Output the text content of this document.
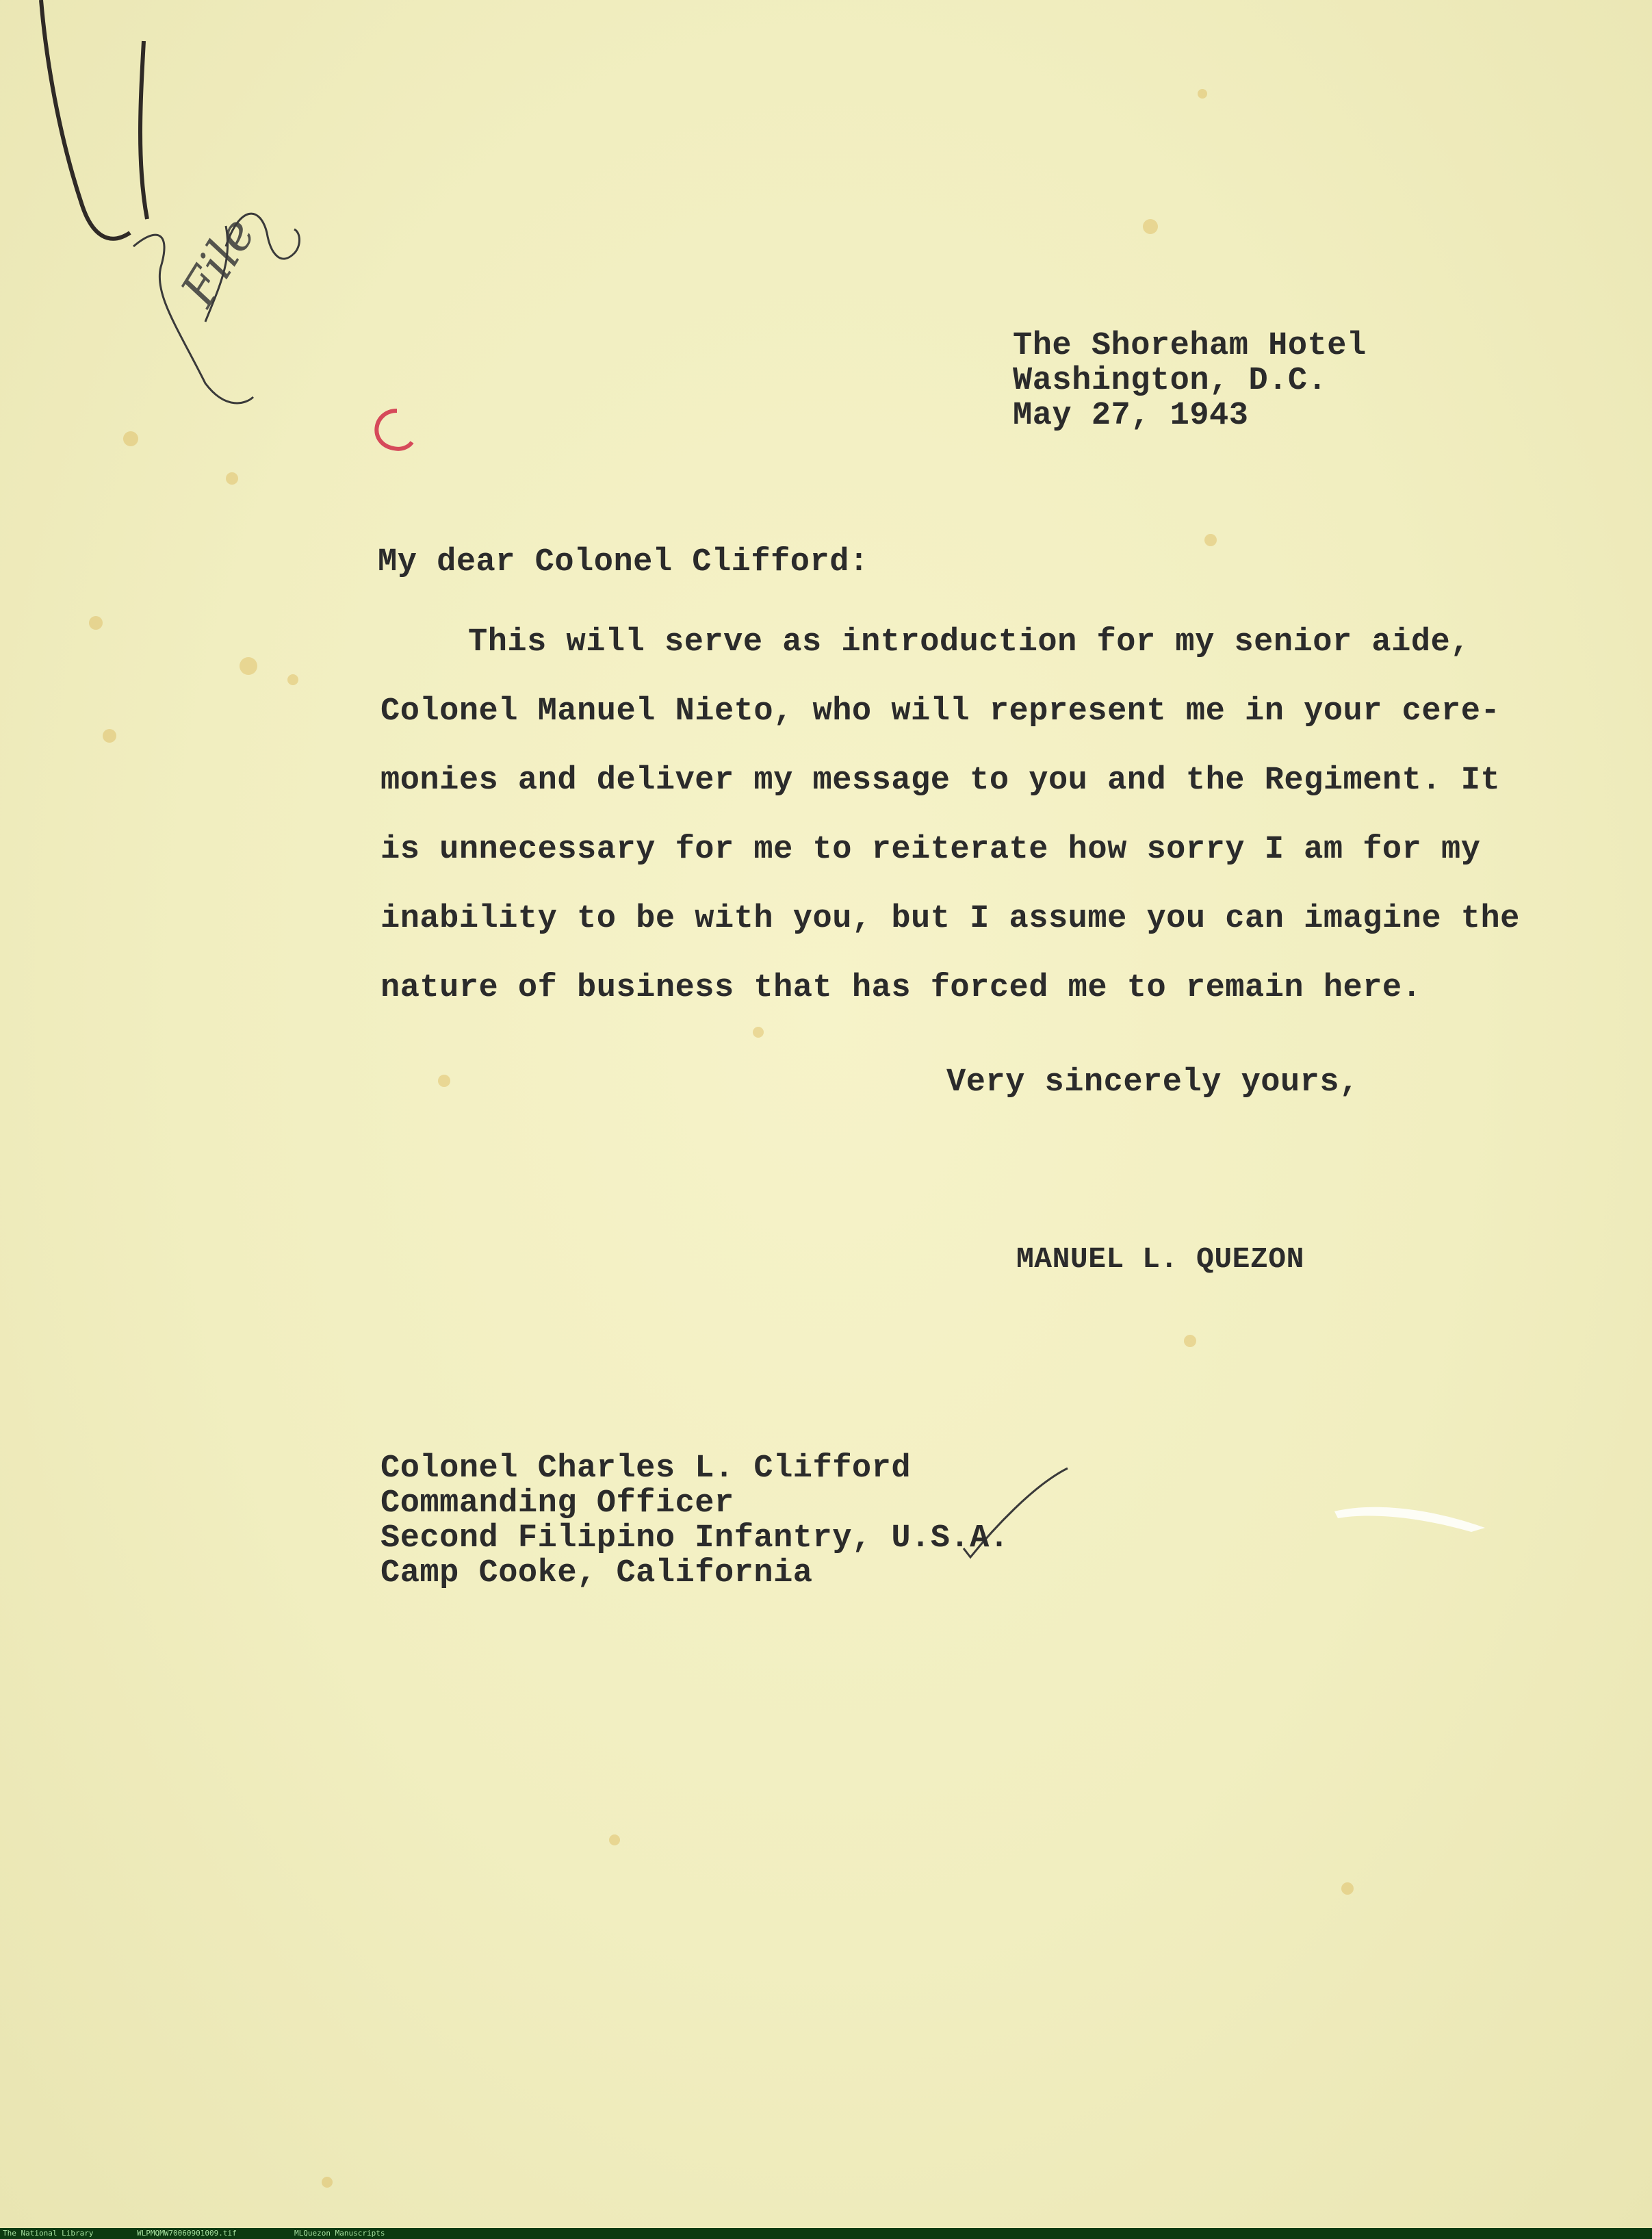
File
The Shoreham Hotel
Washington, D.C.
May 27, 1943
My dear Colonel Clifford:
This will serve as introduction for my senior aide,
Colonel Manuel Nieto, who will represent me in your cere-
monies and deliver my message to you and the Regiment. It
is unnecessary for me to reiterate how sorry I am for my
inability to be with you, but I assume you can imagine the
nature of business that has forced me to remain here.
Very sincerely yours,
MANUEL L. QUEZON
Colonel Charles L. Clifford
Commanding Officer
Second Filipino Infantry, U.S.A.
Camp Cooke, California
The National Library	WLPMQMW70060901009.tif	MLQuezon Manuscripts
